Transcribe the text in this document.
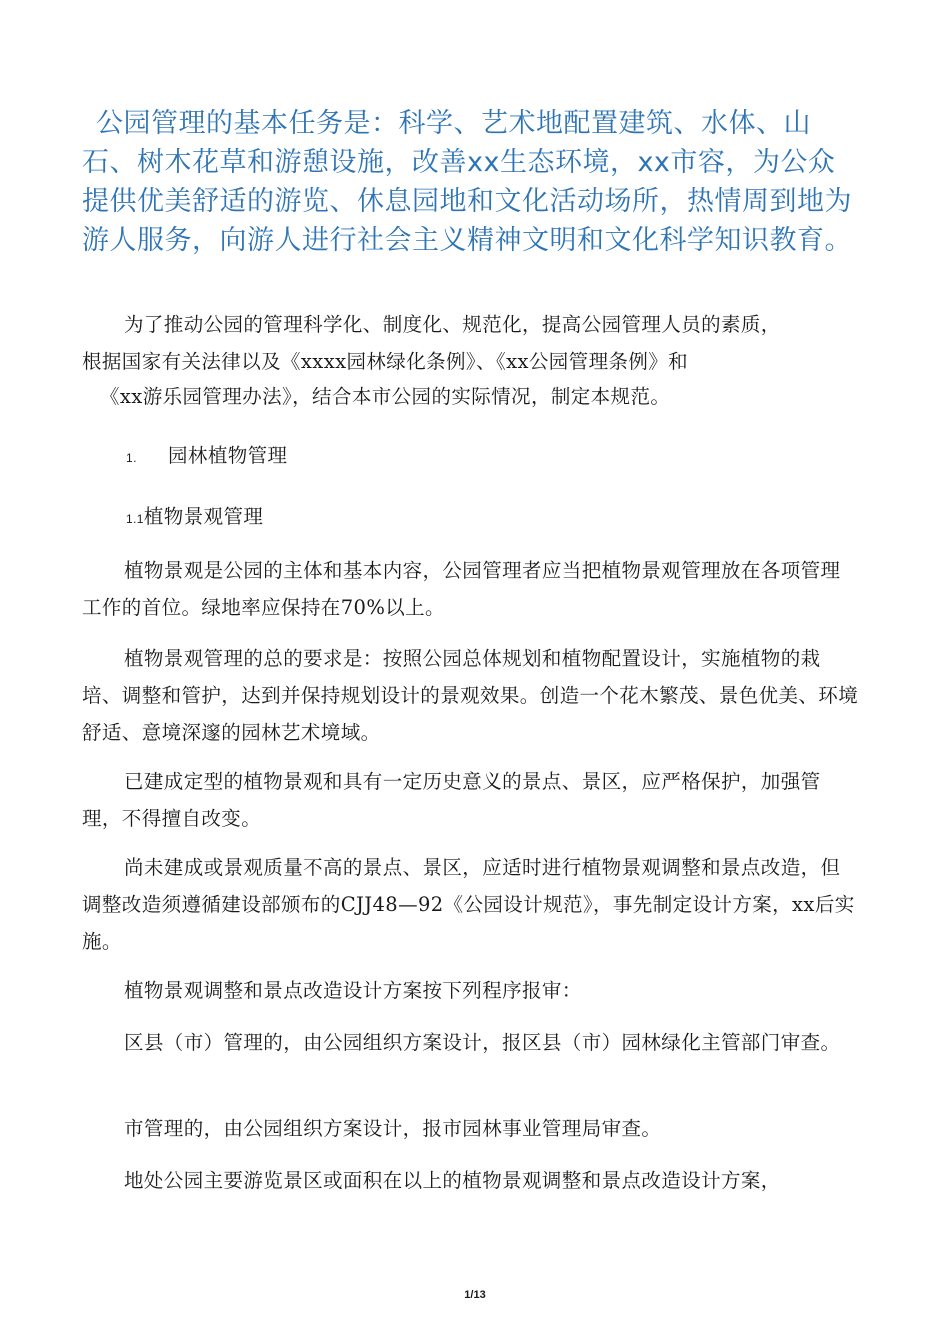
公园管理的基本任务是：科学、艺术地配置建筑、水体、山石、树木花草和游憩设施，改善xx生态环境，xx市容，为公众提供优美舒适的游览、休息园地和文化活动场所，热情周到地为游人服务，向游人进行社会主义精神文明和文化科学知识教育。
为了推动公园的管理科学化、制度化、规范化，提高公园管理人员的素质，
根据国家有关法律以及《xxxx园林绿化条例》、《xx公园管理条例》和
《xx游乐园管理办法》，结合本市公园的实际情况，制定本规范。
1. 园林植物管理
1.1植物景观管理
植物景观是公园的主体和基本内容，公园管理者应当把植物景观管理放在各项管理工作的首位。绿地率应保持在70%以上。
植物景观管理的总的要求是：按照公园总体规划和植物配置设计，实施植物的栽培、调整和管护，达到并保持规划设计的景观效果。创造一个花木繁茂、景色优美、环境舒适、意境深邃的园林艺术境域。
已建成定型的植物景观和具有一定历史意义的景点、景区，应严格保护，加强管理，不得擅自改变。
尚未建成或景观质量不高的景点、景区，应适时进行植物景观调整和景点改造，但调整改造须遵循建设部颁布的CJJ48—92《公园设计规范》，事先制定设计方案，xx后实施。
植物景观调整和景点改造设计方案按下列程序报审：
区县（市）管理的，由公园组织方案设计，报区县（市）园林绿化主管部门审查。
市管理的，由公园组织方案设计，报市园林事业管理局审查。
地处公园主要游览景区或面积在以上的植物景观调整和景点改造设计方案，
1/13
